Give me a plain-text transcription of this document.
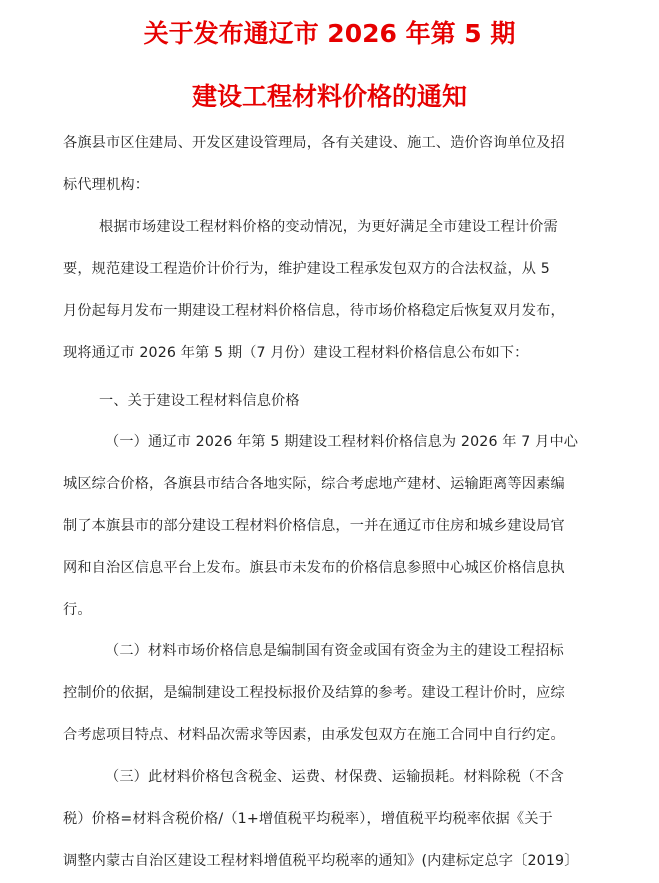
关于发布通辽市 2026 年第 5 期
建设工程材料价格的通知
各旗县市区住建局、开发区建设管理局，各有关建设、施工、造价咨询单位及招
标代理机构：
根据市场建设工程材料价格的变动情况，为更好满足全市建设工程计价需
要，规范建设工程造价计价行为，维护建设工程承发包双方的合法权益，从 5
月份起每月发布一期建设工程材料价格信息，待市场价格稳定后恢复双月发布，
现将通辽市 2026 年第 5 期（7 月份）建设工程材料价格信息公布如下：
一、关于建设工程材料信息价格
（一）通辽市 2026 年第 5 期建设工程材料价格信息为 2026 年 7 月中心
城区综合价格，各旗县市结合各地实际，综合考虑地产建材、运输距离等因素编
制了本旗县市的部分建设工程材料价格信息，一并在通辽市住房和城乡建设局官
网和自治区信息平台上发布。旗县市未发布的价格信息参照中心城区价格信息执
行。
（二）材料市场价格信息是编制国有资金或国有资金为主的建设工程招标
控制价的依据，是编制建设工程投标报价及结算的参考。建设工程计价时，应综
合考虑项目特点、材料品次需求等因素，由承发包双方在施工合同中自行约定。
（三）此材料价格包含税金、运费、材保费、运输损耗。材料除税（不含
税）价格=材料含税价格/（1+增值税平均税率），增值税平均税率依据《关于
调整内蒙古自治区建设工程材料增值税平均税率的通知》(内建标定总字〔2019〕
